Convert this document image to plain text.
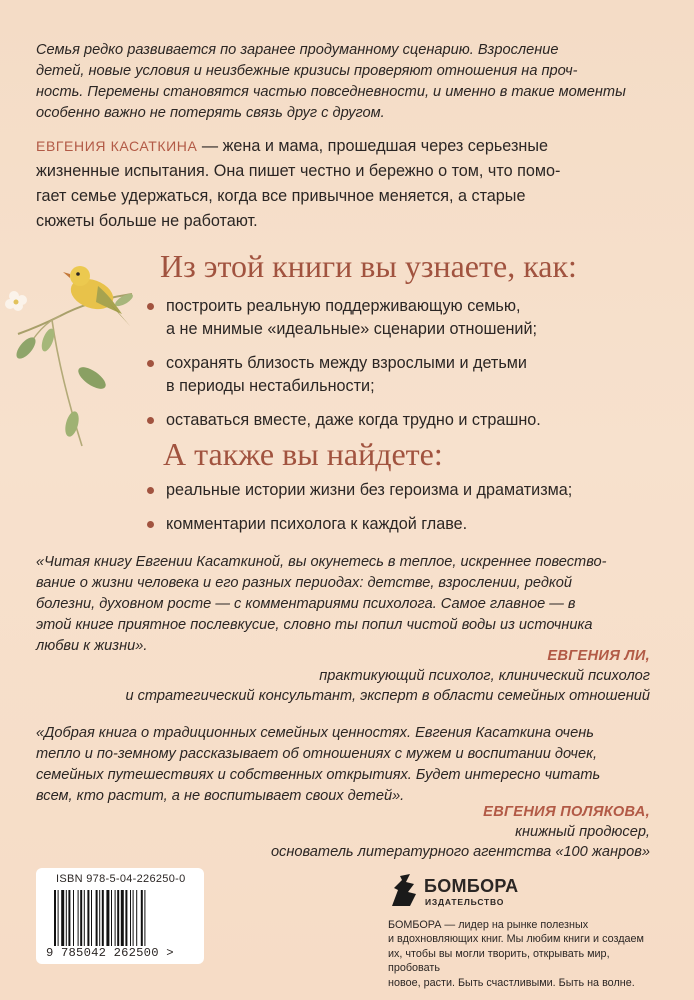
Семья редко развивается по заранее продуманному сценарию. Взросление
детей, новые условия и неизбежные кризисы проверяют отношения на проч-
ность. Перемены становятся частью повседневности, и именно в такие моменты
особенно важно не потерять связь друг с другом.
ЕВГЕНИЯ КАСАТКИНА — жена и мама, прошедшая через серьезные
жизненные испытания. Она пишет честно и бережно о том, что помо-
гает семье удержаться, когда все привычное меняется, а старые
сюжеты больше не работают.
Из этой книги вы узнаете, как:
построить реальную поддерживающую семью,
а не мнимые «идеальные» сценарии отношений;
сохранять близость между взрослыми и детьми
в периоды нестабильности;
оставаться вместе, даже когда трудно и страшно.
А также вы найдете:
реальные истории жизни без героизма и драматизма;
комментарии психолога к каждой главе.
«Читая книгу Евгении Касаткиной, вы окунетесь в теплое, искреннее повество-
вание о жизни человека и его разных периодах: детстве, взрослении, редкой
болезни, духовном росте — с комментариями психолога. Самое главное — в
этой книге приятное послевкусие, словно ты попил чистой воды из источника
любви к жизни».
ЕВГЕНИЯ ЛИ,
практикующий психолог, клинический психолог
и стратегический консультант, эксперт в области семейных отношений
«Добрая книга о традиционных семейных ценностях. Евгения Касаткина очень
тепло и по-земному рассказывает об отношениях с мужем и воспитании дочек,
семейных путешествиях и собственных открытиях. Будет интересно читать
всем, кто растит, а не воспитывает своих детей».
ЕВГЕНИЯ ПОЛЯКОВА,
книжный продюсер,
основатель литературного агентства «100 жанров»
ISBN 978-5-04-226250-0
9 785042 262500 >
БОМБОРА
ИЗДАТЕЛЬСТВО
БОМБОРА — лидер на рынке полезных
и вдохновляющих книг. Мы любим книги и создаем
их, чтобы вы могли творить, открывать мир, пробовать
новое, расти. Быть счастливыми. Быть на волне.
